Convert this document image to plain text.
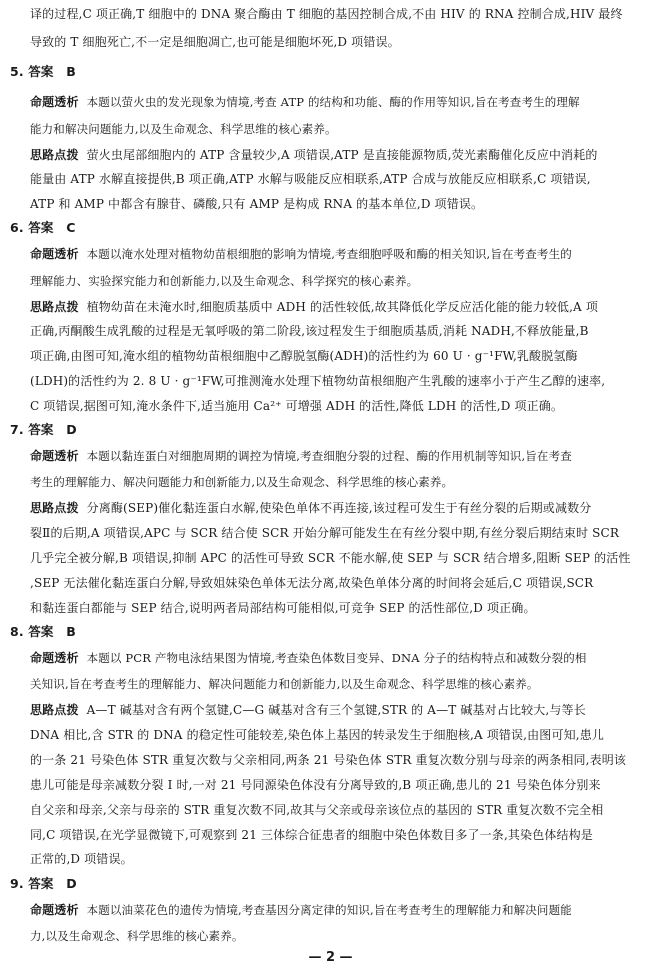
译的过程,C 项正确,T 细胞中的 DNA 聚合酶由 T 细胞的基因控制合成,不由 HIV 的 RNA 控制合成,HIV 最终
导致的 T 细胞死亡,不一定是细胞凋亡,也可能是细胞坏死,D 项错误。
5. 答案　B
命题透析 本题以萤火虫的发光现象为情境,考查 ATP 的结构和功能、酶的作用等知识,旨在考查考生的理解
能力和解决问题能力,以及生命观念、科学思维的核心素养。
思路点拨 萤火虫尾部细胞内的 ATP 含量较少,A 项错误,ATP 是直接能源物质,荧光素酶催化反应中消耗的
能量由 ATP 水解直接提供,B 项正确,ATP 水解与吸能反应相联系,ATP 合成与放能反应相联系,C 项错误,
ATP 和 AMP 中都含有腺苷、磷酸,只有 AMP 是构成 RNA 的基本单位,D 项错误。
6. 答案　C
命题透析 本题以淹水处理对植物幼苗根细胞的影响为情境,考查细胞呼吸和酶的相关知识,旨在考查考生的
理解能力、实验探究能力和创新能力,以及生命观念、科学探究的核心素养。
思路点拨 植物幼苗在未淹水时,细胞质基质中 ADH 的活性较低,故其降低化学反应活化能的能力较低,A 项
正确,丙酮酸生成乳酸的过程是无氧呼吸的第二阶段,该过程发生于细胞质基质,消耗 NADH,不释放能量,B
项正确,由图可知,淹水组的植物幼苗根细胞中乙醇脱氢酶(ADH)的活性约为 60 U · g⁻¹FW,乳酸脱氢酶
(LDH)的活性约为 2. 8 U · g⁻¹FW,可推测淹水处理下植物幼苗根细胞产生乳酸的速率小于产生乙醇的速率,
C 项错误,据图可知,淹水条件下,适当施用 Ca²⁺ 可增强 ADH 的活性,降低 LDH 的活性,D 项正确。
7. 答案　D
命题透析 本题以黏连蛋白对细胞周期的调控为情境,考查细胞分裂的过程、酶的作用机制等知识,旨在考查
考生的理解能力、解决问题能力和创新能力,以及生命观念、科学思维的核心素养。
思路点拨 分离酶(SEP)催化黏连蛋白水解,使染色单体不再连接,该过程可发生于有丝分裂的后期或减数分
裂Ⅱ的后期,A 项错误,APC 与 SCR 结合使 SCR 开始分解可能发生在有丝分裂中期,有丝分裂后期结束时 SCR
几乎完全被分解,B 项错误,抑制 APC 的活性可导致 SCR 不能水解,使 SEP 与 SCR 结合增多,阻断 SEP 的活性
,SEP 无法催化黏连蛋白分解,导致姐妹染色单体无法分离,故染色单体分离的时间将会延后,C 项错误,SCR
和黏连蛋白都能与 SEP 结合,说明两者局部结构可能相似,可竞争 SEP 的活性部位,D 项正确。
8. 答案　B
命题透析 本题以 PCR 产物电泳结果图为情境,考查染色体数目变异、DNA 分子的结构特点和减数分裂的相
关知识,旨在考查考生的理解能力、解决问题能力和创新能力,以及生命观念、科学思维的核心素养。
思路点拨 A—T 碱基对含有两个氢键,C—G 碱基对含有三个氢键,STR 的 A—T 碱基对占比较大,与等长
DNA 相比,含 STR 的 DNA 的稳定性可能较差,染色体上基因的转录发生于细胞核,A 项错误,由图可知,患儿
的一条 21 号染色体 STR 重复次数与父亲相同,两条 21 号染色体 STR 重复次数分别与母亲的两条相同,表明该
患儿可能是母亲减数分裂 Ⅰ 时,一对 21 号同源染色体没有分离导致的,B 项正确,患儿的 21 号染色体分别来
自父亲和母亲,父亲与母亲的 STR 重复次数不同,故其与父亲或母亲该位点的基因的 STR 重复次数不完全相
同,C 项错误,在光学显微镜下,可观察到 21 三体综合征患者的细胞中染色体数目多了一条,其染色体结构是
正常的,D 项错误。
9. 答案　D
命题透析 本题以油菜花色的遗传为情境,考查基因分离定律的知识,旨在考查考生的理解能力和解决问题能
力,以及生命观念、科学思维的核心素养。
— 2 —
